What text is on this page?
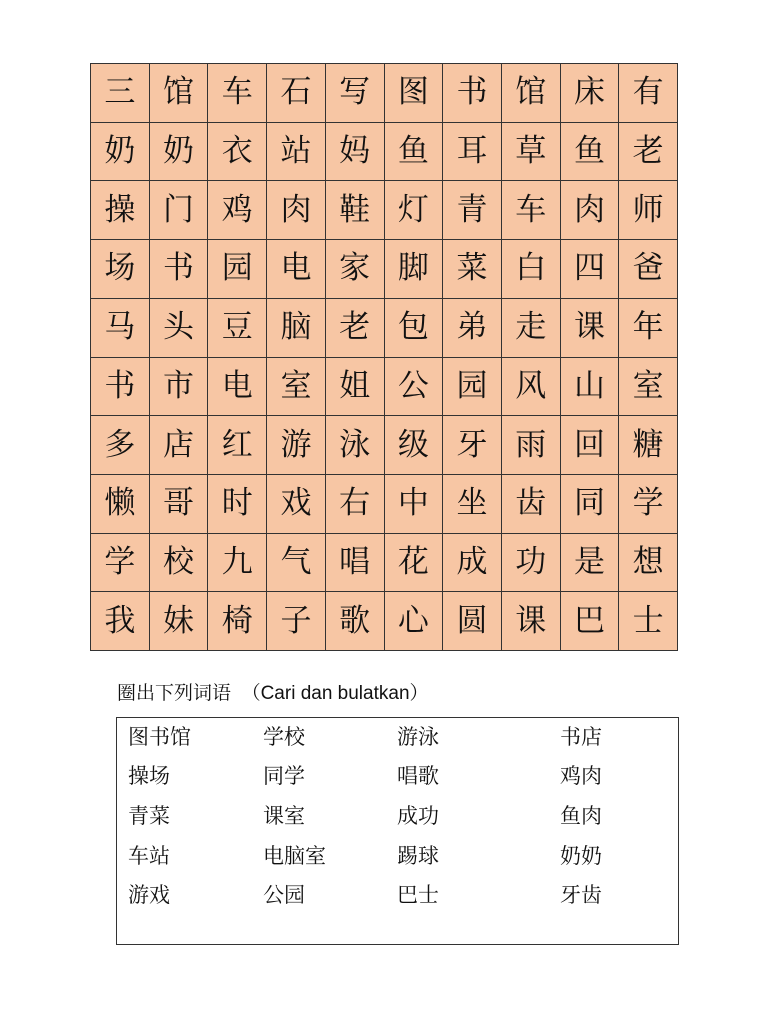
三 馆 车 石 写 图 书 馆 床 有
奶 奶 衣 站 妈 鱼 耳 草 鱼 老
操 门 鸡 肉 鞋 灯 青 车 肉 师
场 书 园 电 家 脚 菜 白 四 爸
马 头 豆 脑 老 包 弟 走 课 年
书 市 电 室 姐 公 园 风 山 室
多 店 红 游 泳 级 牙 雨 回 糖
懒 哥 时 戏 右 中 坐 齿 同 学
学 校 九 气 唱 花 成 功 是 想
我 妹 椅 子 歌 心 圆 课 巴 士
圈出下列词语 （Cari dan bulatkan）
图书馆
操场
青菜
车站
游戏
学校
同学
课室
电脑室
公园
游泳
唱歌
成功
踢球
巴士
书店
鸡肉
鱼肉
奶奶
牙齿
